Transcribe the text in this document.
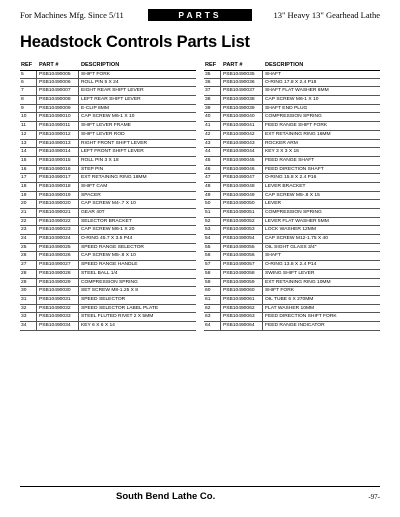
For Machines Mfg. Since 5/11	PARTS	13" Heavy 13" Gearhead Lathe
Headstock Controls Parts List
REF	PART #	DESCRIPTION
5	PSB10490005	SHIFT FORK
6	PSB10490006	ROLL PIN 5 X 24
7	PSB10490007	EIGHT REAR SHIFT LEVER
8	PSB10490008	LEFT REAR SHIFT LEVER
9	PSB10490009	E-CLIP 8MM
10	PSB10490010	CAP SCREW M6-1 X 10
11	PSB10490011	SHIFT LEVER FRAME
12	PSB10490012	SHIFT LEVER ROD
13	PSB10490013	RIGHT FRONT SHIFT LEVER
14	PSB10490014	LEFT FRONT SHIFT LEVER
15	PSB10490015	ROLL PIN 3 X 18
16	PSB10490016	STEP PIN
17	PSB10490017	EXT RETAINING RING 18MM
18	PSB10490018	SHIFT CAM
19	PSB10490019	SPACER
20	PSB10490020	CAP SCREW M4-.7 X 10
21	PSB10490021	GEAR 40T
22	PSB10490022	SELECTOR BRACKET
23	PSB10490023	CAP SCREW M6-1 X 20
24	PSB10490024	O-RING 45.7 X 3.5 P44
25	PSB10490025	SPEED RANGE SELECTOR
26	PSB10490026	CAP SCREW M5-.8 X 10
27	PSB10490027	SPEED RANGE HANDLE
28	PSB10490028	STEEL BALL 1/4
29	PSB10490029	COMPRESSION SPRING
30	PSB10490030	SET SCREW M8-1.25 X 8
31	PSB10490031	SPEED SELECTOR
32	PSB10490032	SPEED SELECTOR LABEL PLATE
33	PSB10490033	STEEL FLUTED RIVET 2 X 5MM
34	PSB10490034	KEY 6 X 6 X 14
REF	PART #	DESCRIPTION
35	PSB10490035	SHAFT
36	PSB10490036	O-RING 17.8 X 2.4 P18
37	PSB10490037	SHAFT FLAT WASHER 6MM
38	PSB10490038	CAP SCREW M6-1 X 10
39	PSB10490039	SHAFT END PLUG
40	PSB10490040	COMPRESSION SPRING
41	PSB10490041	FEED RANGE SHIFT FORK
42	PSB10490042	EXT RETAINING RING 16MM
43	PSB10490043	ROCKER ARM
44	PSB10490044	KEY 3 X 3 X 16
45	PSB10490045	FEED RANGE SHAFT
46	PSB10490046	FEED DIRECTION SHAFT
47	PSB10490047	O-RING 15.8 X 2.4 P16
48	PSB10490048	LEVER BRACKET
49	PSB10490049	CAP SCREW M5-.8 X 15
50	PSB10490050	LEVER
51	PSB10490051	COMPRESSION SPRING
52	PSB10490052	LEVER FLAT WASHER 5MM
53	PSB10490053	LOCK WASHER 12MM
54	PSB10490054	CAP SCREW M12-1.75 X 40
55	PSB10490055	OIL SIGHT GLASS 3/4"
56	PSB10490056	SHAFT
57	PSB10490057	O-RING 13.8 X 2.4 P14
58	PSB10490058	SWING SHIFT LEVER
59	PSB10490059	EXT RETAINING RING 10MM
60	PSB10490060	SHIFT FORK
61	PSB10490061	OIL TUBE 6 X 270MM
62	PSB10490062	FLAT WASHER 10MM
63	PSB10490063	FEED DIRECTION SHIFT FORK
64	PSB10490064	FEED RANGE INDICATOR
South Bend Lathe Co.	-97-
